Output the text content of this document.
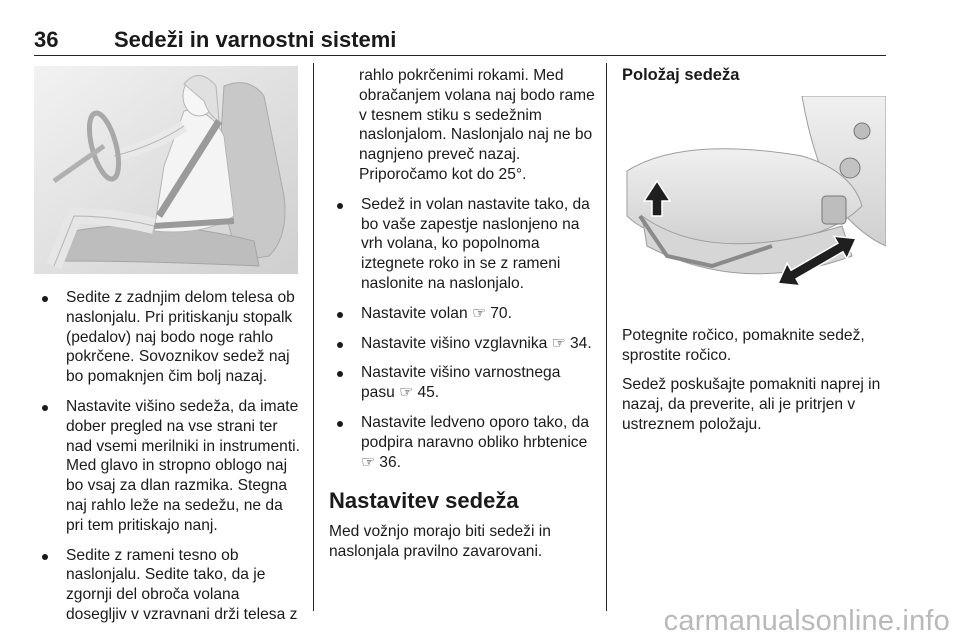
36	Sedeži in varnostni sistemi
Sedite z zadnjim delom telesa ob naslonjalu. Pri pritiskanju stopalk (pedalov) naj bodo noge rahlo pokrčene. Sovoznikov sedež naj bo pomaknjen čim bolj nazaj.
Nastavite višino sedeža, da imate dober pregled na vse strani ter nad vsemi merilniki in instrumenti. Med glavo in stropno oblogo naj bo vsaj za dlan razmika. Stegna naj rahlo leže na sedežu, ne da pri tem pritiskajo nanj.
Sedite z rameni tesno ob naslonjalu. Sedite tako, da je zgornji del obroča volana dosegljiv v vzravnani drži telesa z

rahlo pokrčenimi rokami. Med obračanjem volana naj bodo rame v tesnem stiku s sedežnim naslonjalom. Naslonjalo naj ne bo nagnjeno preveč nazaj. Priporočamo kot do 25°.

Sedež in volan nastavite tako, da bo vaše zapestje naslonjeno na vrh volana, ko popolnoma iztegnete roko in se z rameni naslonite na naslonjalo.
Nastavite volan ☞ 70.
Nastavite višino vzglavnika ☞ 34.
Nastavite višino varnostnega pasu ☞ 45.
Nastavite ledveno oporo tako, da podpira naravno obliko hrbtenice ☞ 36.
Nastavitev sedeža

Med vožnjo morajo biti sedeži in naslonjala pravilno zavarovani.

Položaj sedeža

Potegnite ročico, pomaknite sedež, sprostite ročico.

Sedež poskušajte pomakniti naprej in nazaj, da preverite, ali je pritrjen v ustreznem položaju.

carmanualsonline.info
